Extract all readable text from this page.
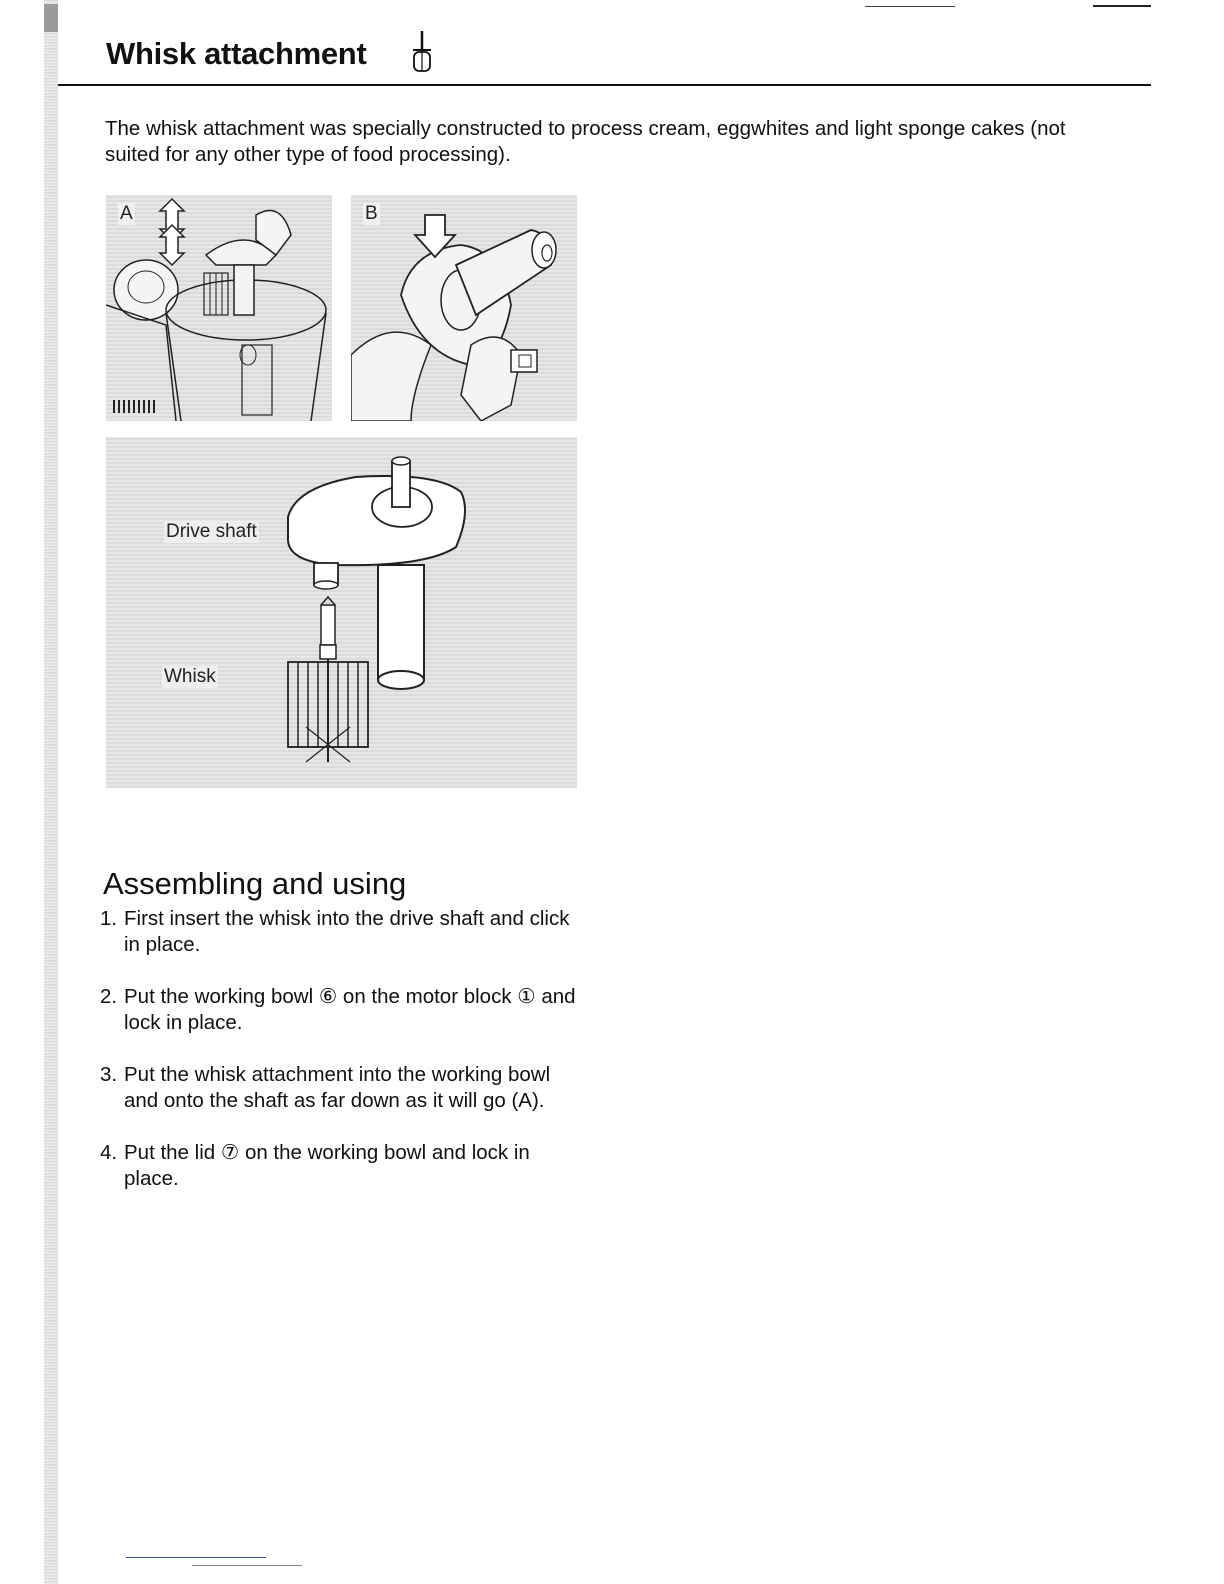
Whisk attachment

The whisk attachment was specially constructed to process cream, eggwhites and light sponge cakes (not suited for any other type of food processing).

A	B
Drive shaft
Whisk
Assembling and using
1. First insert the whisk into the drive shaft and click in place.
2. Put the working bowl ⑥ on the motor block ① and lock in place.
3. Put the whisk attachment into the working bowl and onto the shaft as far down as it will go (A).
4. Put the lid ⑦ on the working bowl and lock in place.
